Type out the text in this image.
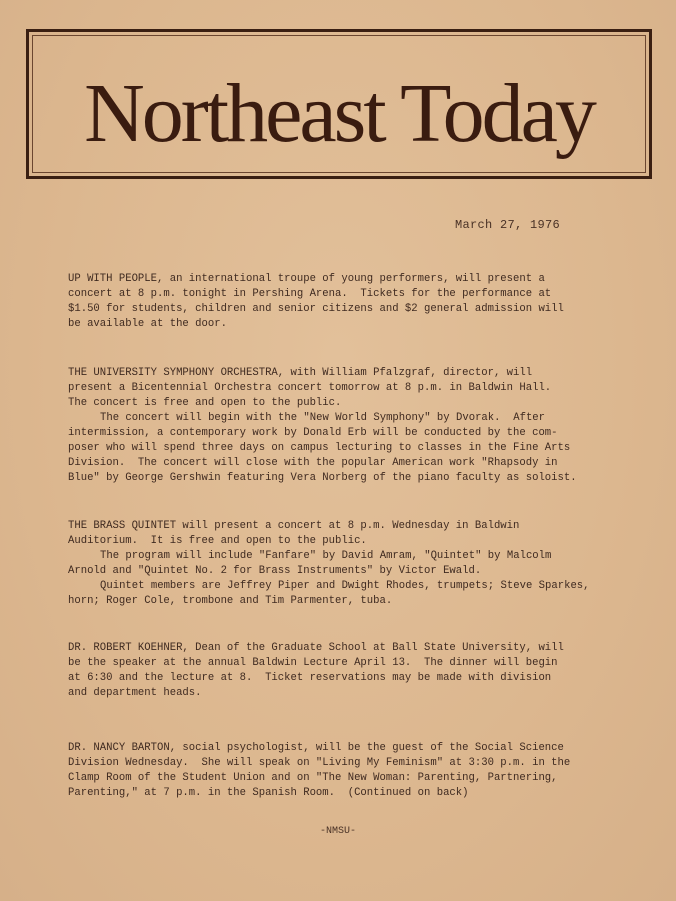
Northeast Today
March 27, 1976

UP WITH PEOPLE, an international troupe of young performers, will present a

concert at 8 p.m. tonight in Pershing Arena.  Tickets for the performance at

$1.50 for students, children and senior citizens and $2 general admission will

be available at the door.

THE UNIVERSITY SYMPHONY ORCHESTRA, with William Pfalzgraf, director, will

present a Bicentennial Orchestra concert tomorrow at 8 p.m. in Baldwin Hall.

The concert is free and open to the public.

The concert will begin with the "New World Symphony" by Dvorak.  After

intermission, a contemporary work by Donald Erb will be conducted by the com-

poser who will spend three days on campus lecturing to classes in the Fine Arts

Division.  The concert will close with the popular American work "Rhapsody in

Blue" by George Gershwin featuring Vera Norberg of the piano faculty as soloist.

THE BRASS QUINTET will present a concert at 8 p.m. Wednesday in Baldwin

Auditorium.  It is free and open to the public.

The program will include "Fanfare" by David Amram, "Quintet" by Malcolm

Arnold and "Quintet No. 2 for Brass Instruments" by Victor Ewald.

Quintet members are Jeffrey Piper and Dwight Rhodes, trumpets; Steve Sparkes,

horn; Roger Cole, trombone and Tim Parmenter, tuba.

DR. ROBERT KOEHNER, Dean of the Graduate School at Ball State University, will

be the speaker at the annual Baldwin Lecture April 13.  The dinner will begin

at 6:30 and the lecture at 8.  Ticket reservations may be made with division

and department heads.

DR. NANCY BARTON, social psychologist, will be the guest of the Social Science

Division Wednesday.  She will speak on "Living My Feminism" at 3:30 p.m. in the

Clamp Room of the Student Union and on "The New Woman: Parenting, Partnering,

Parenting," at 7 p.m. in the Spanish Room.  (Continued on back)

-NMSU-
